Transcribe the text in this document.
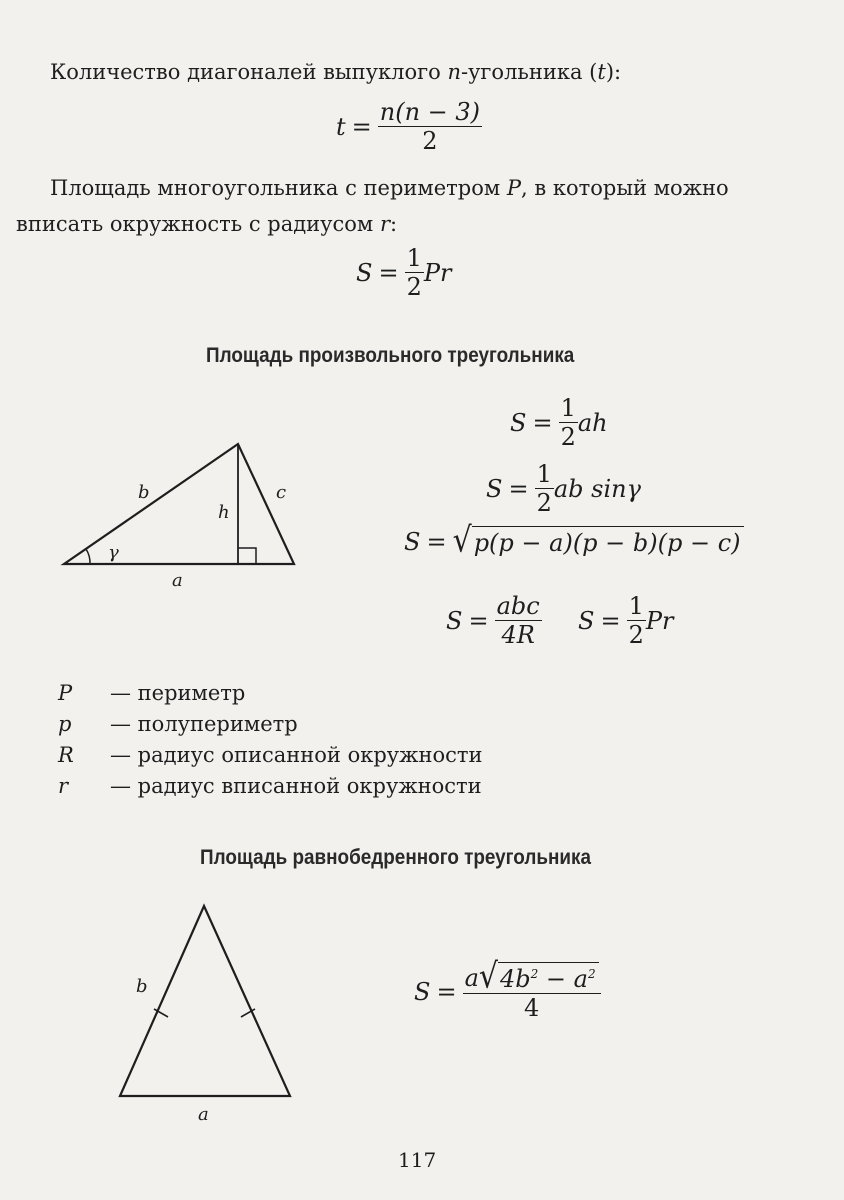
Количество диагоналей выпуклого n-угольника (t):
$t = \frac{n(n - 3)}{2}$
Площадь многоугольника с периметром P, в который можно
вписать окружность с радиусом r:
$S = \frac{1}{2}$ Pr
Площадь произвольного треугольника
γ
b
h
c
a
$S = \frac{1}{2}$ ah
$S = \frac{1}{2}$ ab sinγ
S = √ p(p − a)(p − b)(p − c)
$S = \frac{\text{abc}}{4R}$ $S = \frac{1}{2}$ Pr
P	— периметр
p	— полупериметр
R	— радиус описанной окружности
r	— радиус вписанной окружности
Площадь равнобедренного треугольника
b
a
$S = \frac{a √ 4b^2 - a^2}{4}$
117
